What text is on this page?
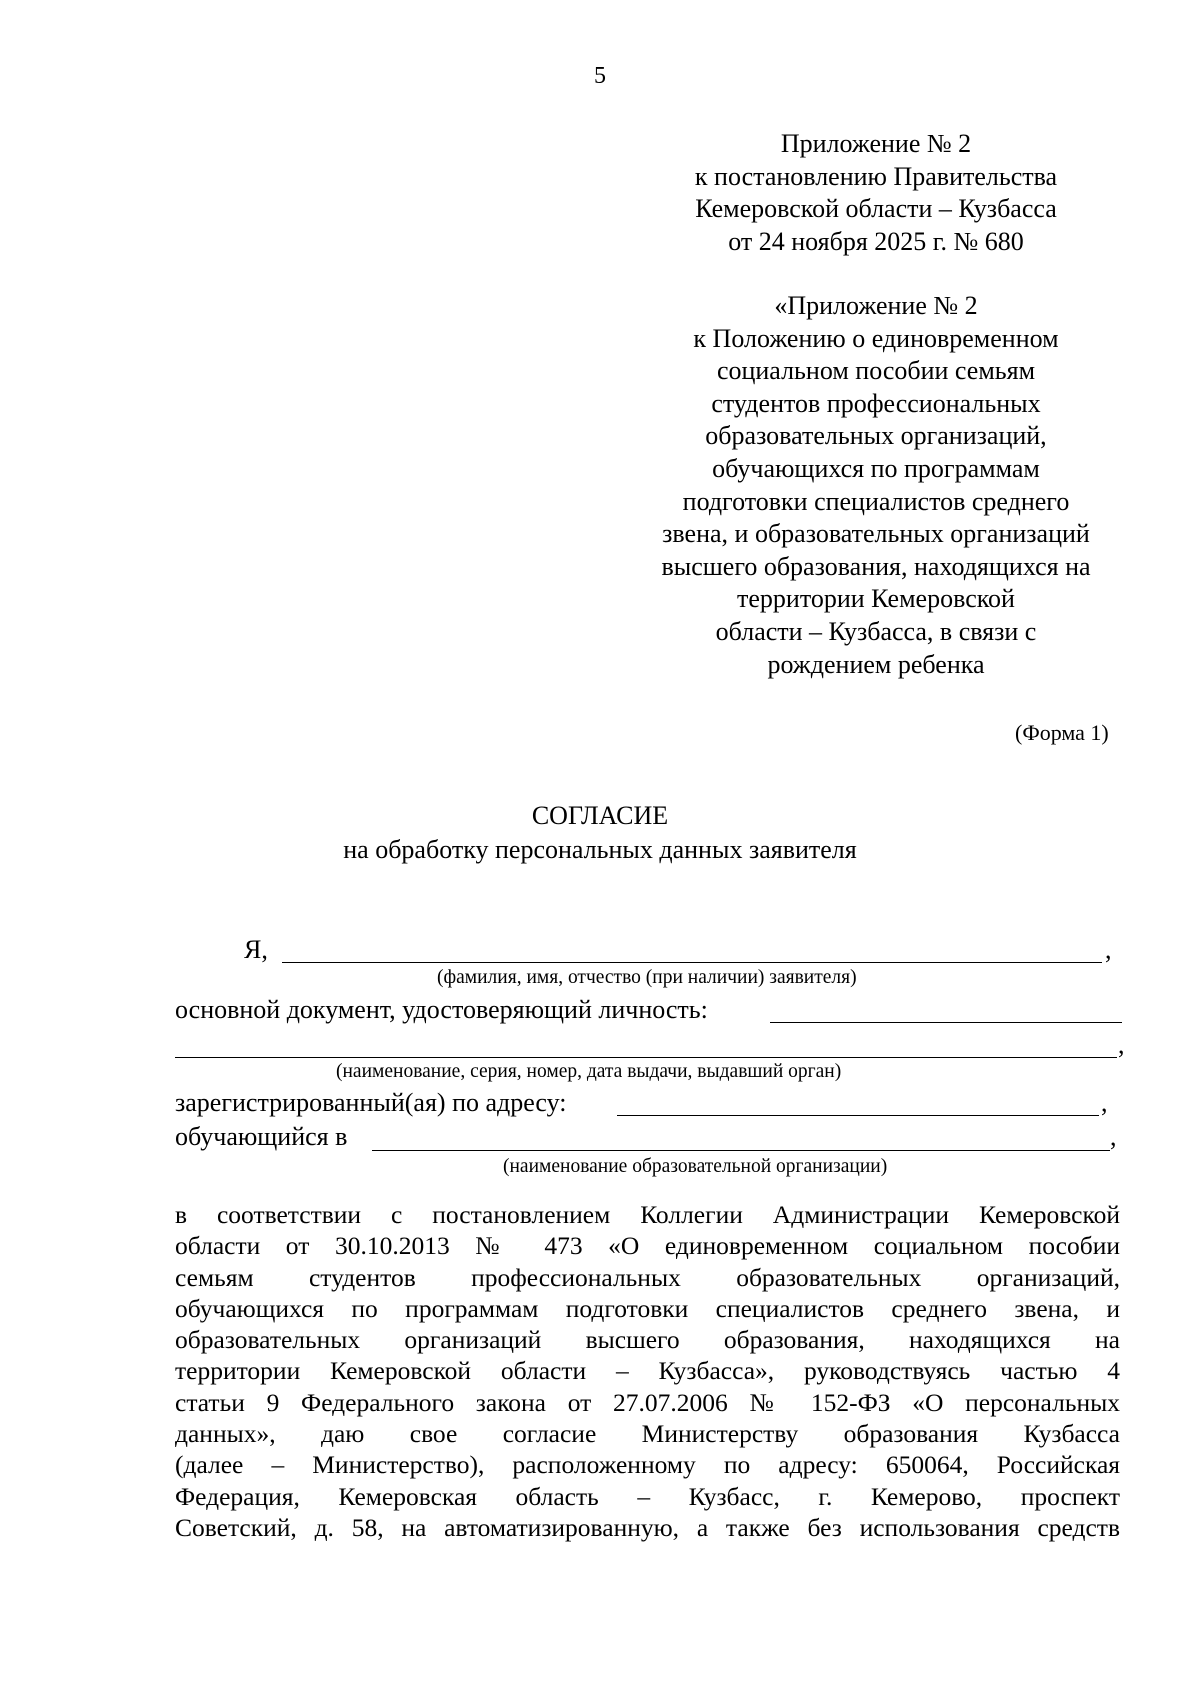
5
Приложение № 2
к постановлению Правительства
Кемеровской области – Кузбасса
от 24 ноября 2025 г. № 680
«Приложение № 2
к Положению о единовременном
социальном пособии семьям
студентов профессиональных
образовательных организаций,
обучающихся по программам
подготовки специалистов среднего
звена, и образовательных организаций
высшего образования, находящихся на
территории Кемеровской
области – Кузбасса, в связи с
рождением ребенка
(Форма 1)
СОГЛАСИЕ
на обработку персональных данных заявителя
Я,	,
(фамилия, имя, отчество (при наличии) заявителя)
основной документ, удостоверяющий личность:
,
(наименование, серия, номер, дата выдачи, выдавший орган)
зарегистрированный(ая) по адресу:	,
обучающийся в	,
(наименование образовательной организации)
в соответствии с постановлением Коллегии Администрации Кемеровской
области от 30.10.2013 № 473 «О единовременном социальном пособии
семьям студентов профессиональных образовательных организаций,
обучающихся по программам подготовки специалистов среднего звена, и
образовательных организаций высшего образования, находящихся на
территории Кемеровской области – Кузбасса», руководствуясь частью 4
статьи 9 Федерального закона от 27.07.2006 № 152-ФЗ «О персональных
данных», даю свое согласие Министерству образования Кузбасса
(далее – Министерство), расположенному по адресу: 650064, Российская
Федерация, Кемеровская область – Кузбасс, г. Кемерово, проспект
Советский, д. 58, на автоматизированную, а также без использования средств
